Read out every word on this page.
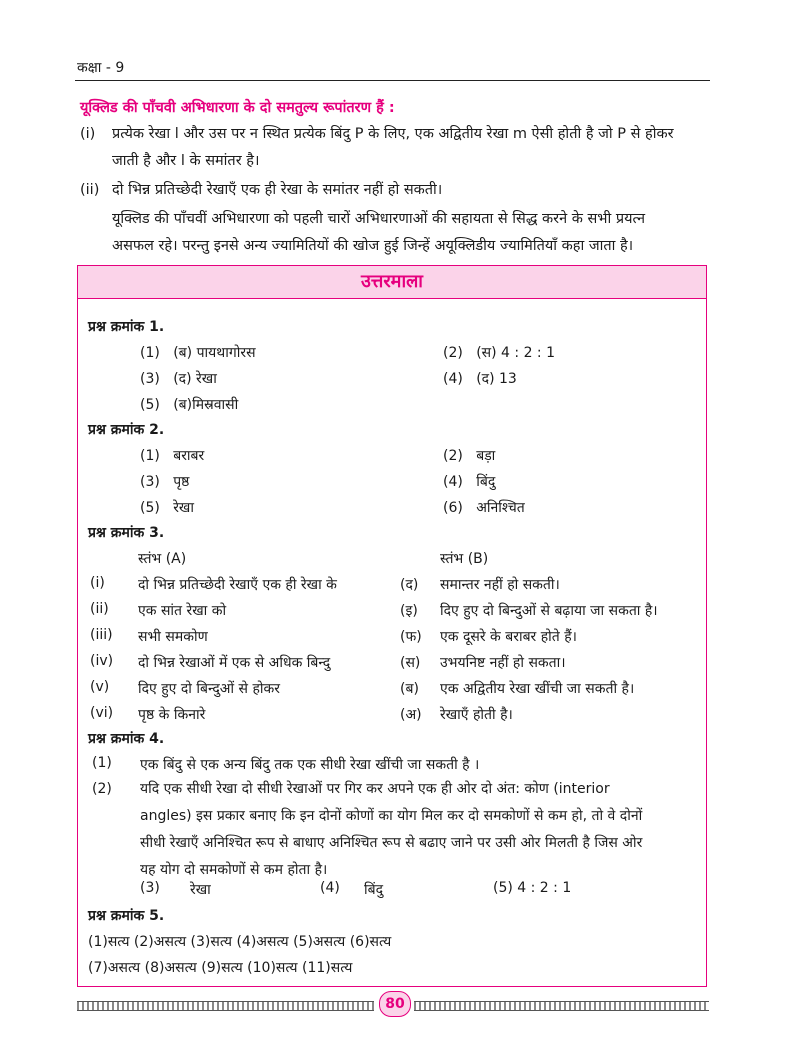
कक्षा - 9
यूक्लिड की पाँचवी अभिधारणा के दो समतुल्य रूपांतरण हैं :
(i) प्रत्येक रेखा l और उस पर न स्थित प्रत्येक बिंदु P के लिए, एक अद्वितीय रेखा m ऐसी होती है जो P से होकर
जाती है और l के समांतर है।
(ii) दो भिन्न प्रतिच्छेदी रेखाएँ एक ही रेखा के समांतर नहीं हो सकती।
यूक्लिड की पाँचवीं अभिधारणा को पहली चारों अभिधारणाओं की सहायता से सिद्ध करने के सभी प्रयत्न
असफल रहे। परन्तु इनसे अन्य ज्यामितियों की खोज हुई जिन्हें अयूक्लिडीय ज्यामितियाँ कहा जाता है।
उत्तरमाला
प्रश्न क्रमांक 1.
(1) (ब) पायथागोरस	(2) (स) 4 : 2 : 1
(3) (द) रेखा	(4) (द) 13
(5) (ब)मिस्रवासी
प्रश्न क्रमांक 2.
(1) बराबर	(2) बड़ा
(3) पृष्ठ	(4) बिंदु
(5) रेखा	(6) अनिश्चित
प्रश्न क्रमांक 3.
स्तंभ (A)	स्तंभ (B)
(i) दो भिन्न प्रतिच्छेदी रेखाएँ एक ही रेखा के	(द) समान्तर नहीं हो सकती।
(ii) एक सांत रेखा को	(इ) दिए हुए दो बिन्दुओं से बढ़ाया जा सकता है।
(iii) सभी समकोण	(फ) एक दूसरे के बराबर होते हैं।
(iv) दो भिन्न रेखाओं में एक से अधिक बिन्दु	(स) उभयनिष्ट नहीं हो सकता।
(v) दिए हुए दो बिन्दुओं से होकर	(ब) एक अद्वितीय रेखा खींची जा सकती है।
(vi) पृष्ठ के किनारे	(अ) रेखाएँ होती है।
प्रश्न क्रमांक 4.
(1) एक बिंदु से एक अन्य बिंदु तक एक सीधी रेखा खींची जा सकती है ।
(2) यदि एक सीधी रेखा दो सीधी रेखाओं पर गिर कर अपने एक ही ओर दो अंत: कोण (interior
angles) इस प्रकार बनाए कि इन दोनों कोणों का योग मिल कर दो समकोणों से कम हो, तो वे दोनों
सीधी रेखाएँ अनिश्चित रूप से बाधाए अनिश्चित रूप से बढाए जाने पर उसी ओर मिलती है जिस ओर
यह योग दो समकोणों से कम होता है।
(3) रेखा	(4) बिंदु	(5) 4 : 2 : 1
प्रश्न क्रमांक 5.
(1)सत्य (2)असत्य (3)सत्य (4)असत्य (5)असत्य (6)सत्य
(7)असत्य (8)असत्य (9)सत्य (10)सत्य (11)सत्य
80
